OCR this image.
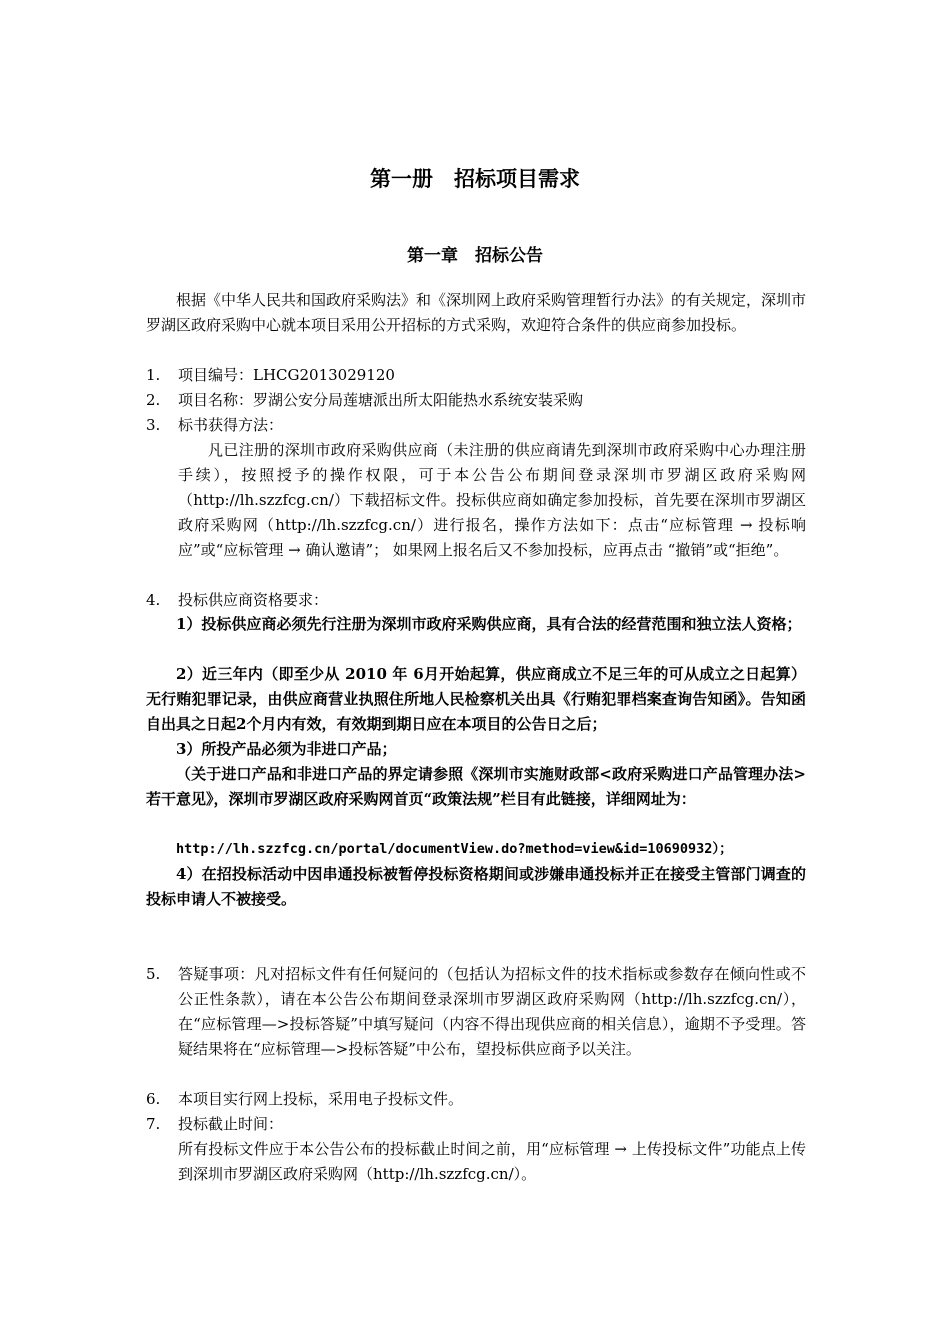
第一册　招标项目需求
第一章　招标公告
根据《中华人民共和国政府采购法》和《深圳网上政府采购管理暂行办法》的有关规定，深圳市罗湖区政府采购中心就本项目采用公开招标的方式采购，欢迎符合条件的供应商参加投标。
1.	项目编号：LHCG2013029120
2.	项目名称：罗湖公安分局莲塘派出所太阳能热水系统安装采购
3.	标书获得方法：
凡已注册的深圳市政府采购供应商（未注册的供应商请先到深圳市政府采购中心办理注册手续），按照授予的操作权限，可于本公告公布期间登录深圳市罗湖区政府采购网（http://lh.szzfcg.cn/）下载招标文件。投标供应商如确定参加投标，首先要在深圳市罗湖区政府采购网（http://lh.szzfcg.cn/）进行报名，操作方法如下：点击“应标管理 → 投标响应”或“应标管理 → 确认邀请”； 如果网上报名后又不参加投标，应再点击 “撤销”或“拒绝”。
4.	投标供应商资格要求：
1）投标供应商必须先行注册为深圳市政府采购供应商，具有合法的经营范围和独立法人资格；
2）近三年内（即至少从 2010 年 6月开始起算，供应商成立不足三年的可从成立之日起算）无行贿犯罪记录，由供应商营业执照住所地人民检察机关出具《行贿犯罪档案查询告知函》。告知函自出具之日起2个月内有效，有效期到期日应在本项目的公告日之后；
3）所投产品必须为非进口产品；
（关于进口产品和非进口产品的界定请参照《深圳市实施财政部<政府采购进口产品管理办法>若干意见》，深圳市罗湖区政府采购网首页“政策法规”栏目有此链接，详细网址为：
http://lh.szzfcg.cn/portal/documentView.do?method=view&id=10690932）；
4）在招投标活动中因串通投标被暂停投标资格期间或涉嫌串通投标并正在接受主管部门调查的投标申请人不被接受。
5.	答疑事项：凡对招标文件有任何疑问的（包括认为招标文件的技术指标或参数存在倾向性或不公正性条款），请在本公告公布期间登录深圳市罗湖区政府采购网（http://lh.szzfcg.cn/），在“应标管理—>投标答疑”中填写疑问（内容不得出现供应商的相关信息），逾期不予受理。答疑结果将在“应标管理—>投标答疑”中公布，望投标供应商予以关注。
6.	本项目实行网上投标，采用电子投标文件。
7.	投标截止时间：
所有投标文件应于本公告公布的投标截止时间之前，用“应标管理 → 上传投标文件”功能点上传到深圳市罗湖区政府采购网（http://lh.szzfcg.cn/）。
